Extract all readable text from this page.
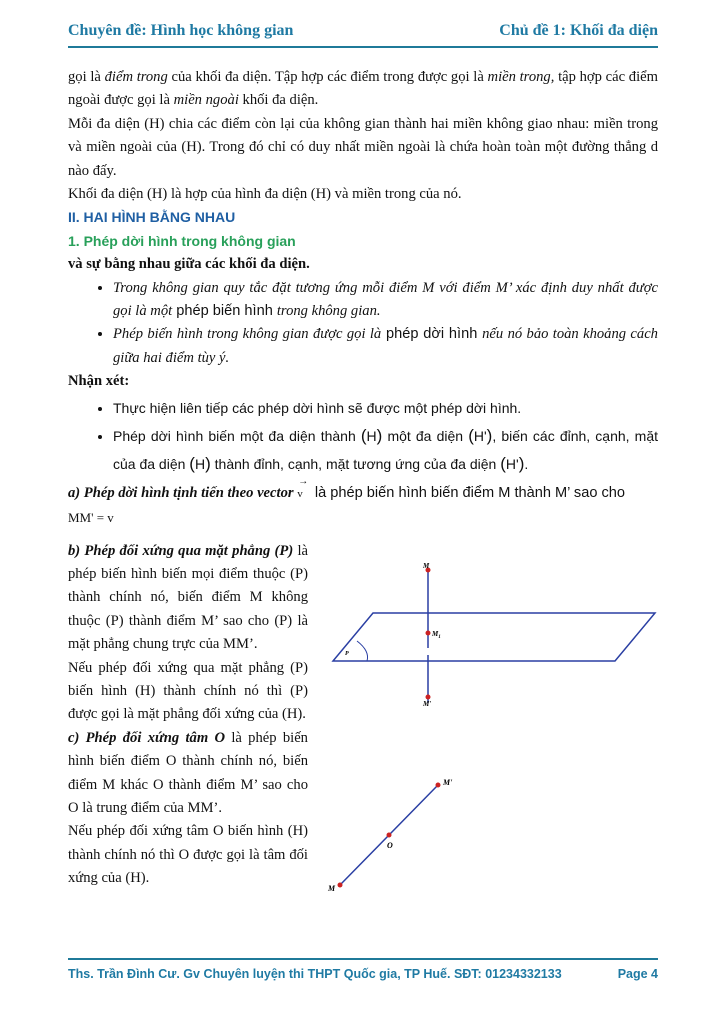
Chuyên đề: Hình học không gian	Chủ đề 1: Khối đa diện

gọi là điểm trong của khối đa diện. Tập hợp các điểm trong được gọi là miền trong, tập hợp các điểm ngoài được gọi là miền ngoài khối đa diện.

Mỗi đa diện (H) chia các điểm còn lại của không gian thành hai miền không giao nhau: miền trong và miền ngoài của (H). Trong đó chỉ có duy nhất miền ngoài là chứa hoàn toàn một đường thẳng d nào đấy.

Khối đa diện (H) là hợp của hình đa diện (H) và miền trong của nó.

II. HAI HÌNH BẰNG NHAU

1. Phép dời hình trong không gian

và sự bằng nhau giữa các khối đa diện.

• Trong không gian quy tắc đặt tương ứng mỗi điểm M với điểm M’ xác định duy nhất được gọi là một phép biến hình trong không gian.
• Phép biến hình trong không gian được gọi là phép dời hình nếu nó bảo toàn khoảng cách giữa hai điểm tùy ý.

Nhận xét:

• Thực hiện liên tiếp các phép dời hình sẽ được một phép dời hình.
• Phép dời hình biến một đa diện thành (H) một đa diện (H'), biến các đỉnh, cạnh, mặt của đa diện (H) thành đỉnh, cạnh, mặt tương ứng của đa diện (H').

a) Phép dời hình tịnh tiến theo vector
→
v là phép biến hình biến điểm M thành M’ sao cho

MM' = v

b) Phép đối xứng qua mặt phẳng (P) là phép biến hình biến mọi điểm thuộc (P) thành chính nó, biến điểm M không thuộc (P) thành điểm M’ sao cho (P) là mặt phẳng chung trực của MM’.

Nếu phép đối xứng qua mặt phẳng (P) biến hình (H) thành chính nó thì (P) được gọi là mặt phẳng đối xứng của (H).

c) Phép đối xứng tâm O là phép biến hình biến điểm O thành chính nó, biến điểm M khác O thành điểm M’ sao cho O là trung điểm của MM’.

Nếu phép đối xứng tâm O biến hình (H) thành chính nó thì O được gọi là tâm đối xứng của (H).

M
$M_1$
M'
P
M
O
M'
Ths. Trần Đình Cư. Gv Chuyên luyện thi THPT Quốc gia, TP Huế. SĐT: 01234332133	Page 4
